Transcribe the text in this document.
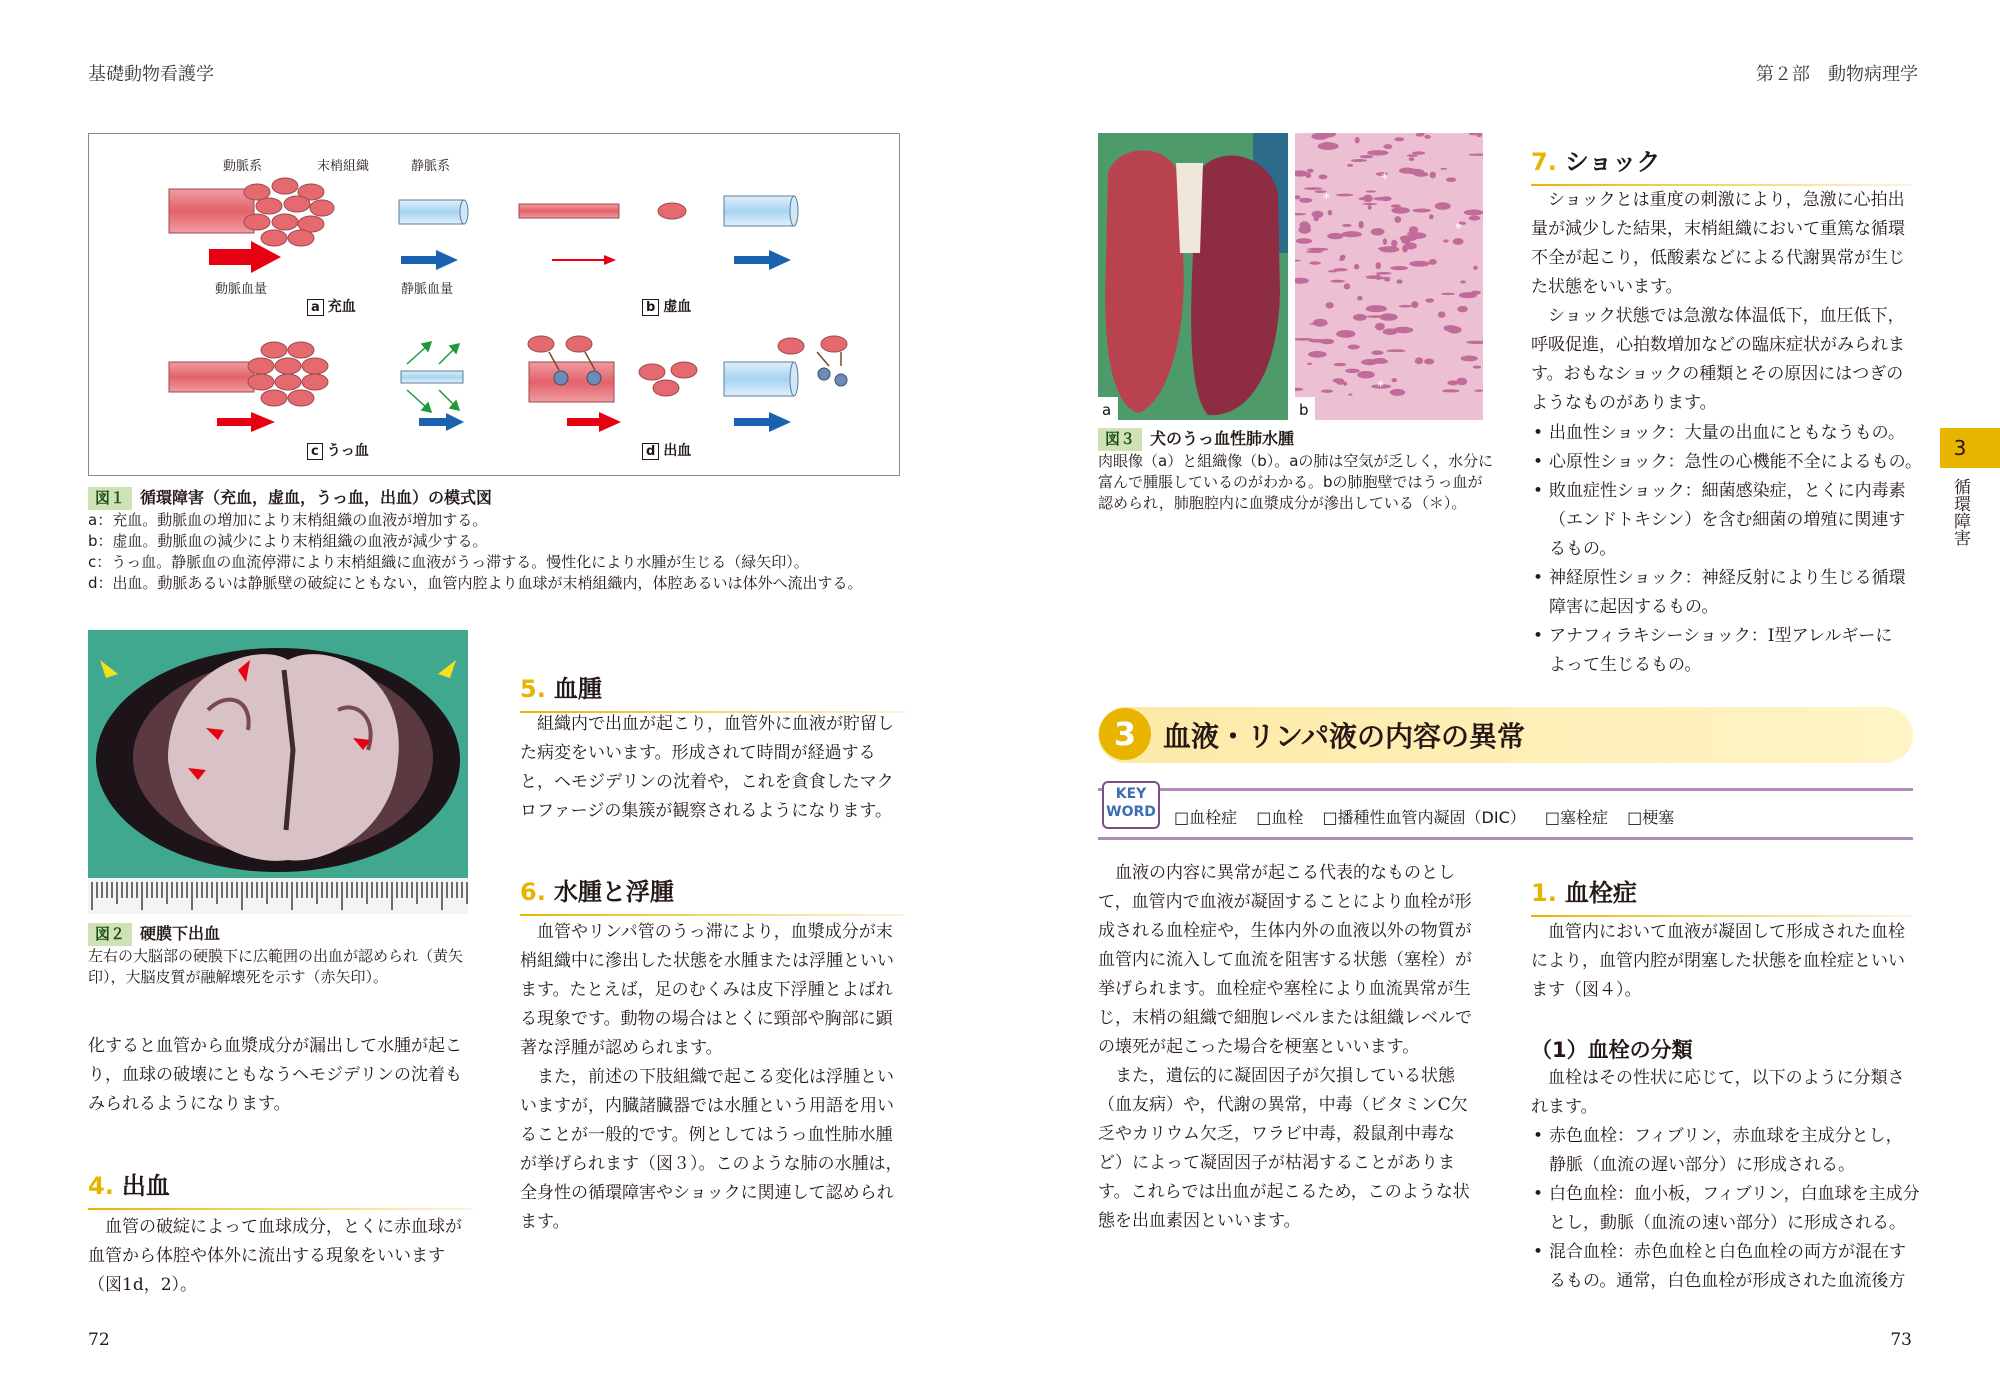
基礎動物看護学	第２部　動物病理学
動脈系	末梢組織	静脈系
動脈血量	静脈血量
a 充血	b 虚血
c うっ血	d 出血
図１ 循環障害（充血，虚血，うっ血，出血）の模式図
a：充血。動脈血の増加により末梢組織の血液が増加する。
b：虚血。動脈血の減少により末梢組織の血液が減少する。
c：うっ血。静脈血の血流停滞により末梢組織に血液がうっ滞する。慢性化により水腫が生じる（緑矢印）。
d：出血。動脈あるいは静脈壁の破綻にともない，血管内腔より血球が末梢組織内，体腔あるいは体外へ流出する。
図２ 硬膜下出血
左右の大脳部の硬膜下に広範囲の出血が認められ（黄矢
印），大脳皮質が融解壊死を示す（赤矢印）。
化すると血管から血漿成分が漏出して水腫が起こ
り，血球の破壊にともなうヘモジデリンの沈着も
みられるようになります。
4. 出血
　血管の破綻によって血球成分，とくに赤血球が
血管から体腔や体外に流出する現象をいいます
（図1d，2）。
5. 血腫
　組織内で出血が起こり，血管外に血液が貯留し
た病変をいいます。形成されて時間が経過する
と，ヘモジデリンの沈着や，これを貪食したマク
ロファージの集簇が観察されるようになります。
6. 水腫と浮腫
　血管やリンパ管のうっ滞により，血漿成分が末
梢組織中に滲出した状態を水腫または浮腫といい
ます。たとえば，足のむくみは皮下浮腫とよばれ
る現象です。動物の場合はとくに頸部や胸部に顕
著な浮腫が認められます。
　また，前述の下肢組織で起こる変化は浮腫とい
いますが，内臓諸臓器では水腫という用語を用い
ることが一般的です。例としてはうっ血性肺水腫
が挙げられます（図３）。このような肺の水腫は，
全身性の循環障害やショックに関連して認められ
ます。
72
a
*
*
*
*
b
図３ 犬のうっ血性肺水腫
肉眼像（a）と組織像（b）。aの肺は空気が乏しく，水分に
富んで腫脹しているのがわかる。bの肺胞壁ではうっ血が
認められ，肺胞腔内に血漿成分が滲出している（＊）。
7. ショック
　ショックとは重度の刺激により，急激に心拍出
量が減少した結果，末梢組織において重篤な循環
不全が起こり，低酸素などによる代謝異常が生じ
た状態をいいます。
　ショック状態では急激な体温低下，血圧低下，
呼吸促進，心拍数増加などの臨床症状がみられま
す。おもなショックの種類とその原因にはつぎの
ようなものがあります。
• 出血性ショック：大量の出血にともなうもの。
• 心原性ショック：急性の心機能不全によるもの。
• 敗血症性ショック：細菌感染症，とくに内毒素
（エンドトキシン）を含む細菌の増殖に関連す
るもの。
• 神経原性ショック：神経反射により生じる循環
障害に起因するもの。
• アナフィラキシーショック：Ⅰ型アレルギーに
よって生じるもの。
3
循環障害
3 血液・リンパ液の内容の異常
KEY
WORD □血栓症 □血栓 □播種性血管内凝固（DIC） □塞栓症 □梗塞
　血液の内容に異常が起こる代表的なものとし
て，血管内で血液が凝固することにより血栓が形
成される血栓症や，生体内外の血液以外の物質が
血管内に流入して血流を阻害する状態（塞栓）が
挙げられます。血栓症や塞栓により血流異常が生
じ，末梢の組織で細胞レベルまたは組織レベルで
の壊死が起こった場合を梗塞といいます。
　また，遺伝的に凝固因子が欠損している状態
（血友病）や，代謝の異常，中毒（ビタミンC欠
乏やカリウム欠乏，ワラビ中毒，殺鼠剤中毒な
ど）によって凝固因子が枯渇することがありま
す。これらでは出血が起こるため，このような状
態を出血素因といいます。
1. 血栓症
　血管内において血液が凝固して形成された血栓
により，血管内腔が閉塞した状態を血栓症といい
ます（図４）。
（1）血栓の分類
　血栓はその性状に応じて，以下のように分類さ
れます。
• 赤色血栓：フィブリン，赤血球を主成分とし，
静脈（血流の遅い部分）に形成される。
• 白色血栓：血小板，フィブリン，白血球を主成分
とし，動脈（血流の速い部分）に形成される。
• 混合血栓：赤色血栓と白色血栓の両方が混在す
るもの。通常，白色血栓が形成された血流後方
73
